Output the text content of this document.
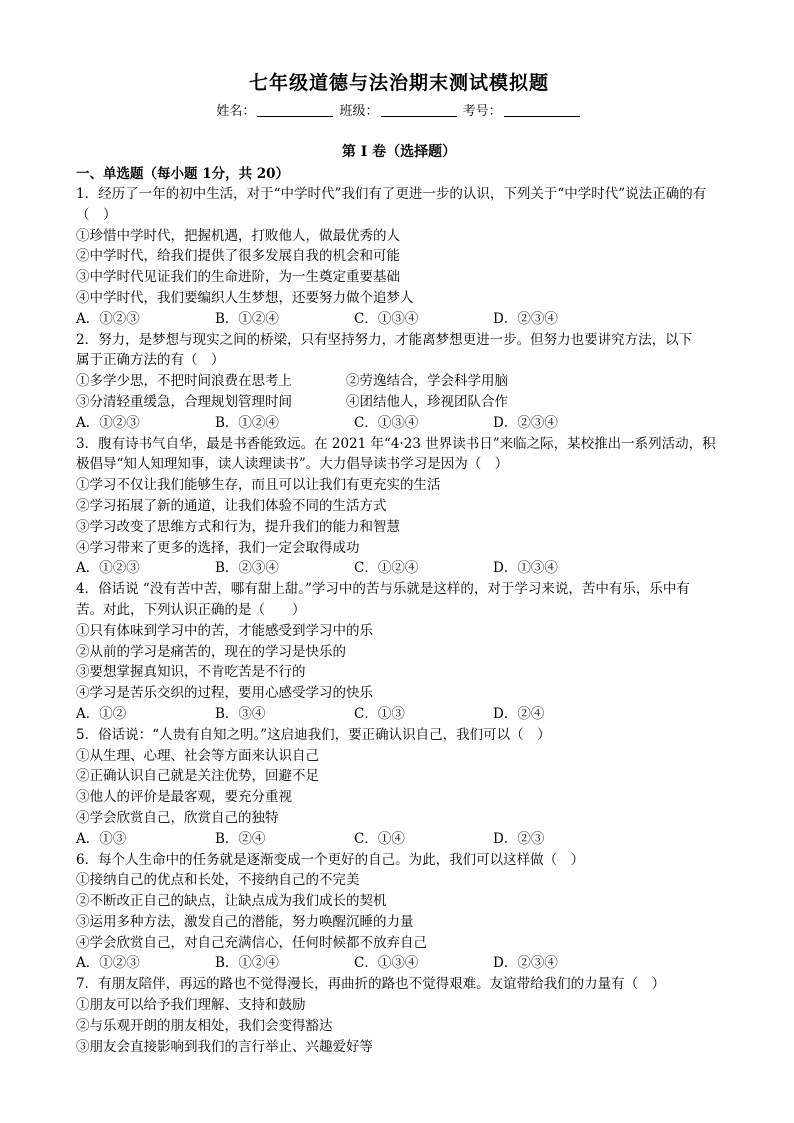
七年级道德与法治期末测试模拟题
姓名：	班级：	考号：
第 I 卷（选择题）
一、单选题（每小题 1分，共 20）
1．经历了一年的初中生活，对于“中学时代”我们有了更进一步的认识，下列关于“中学时代”说法正确的有
（　）
①珍惜中学时代，把握机遇，打败他人，做最优秀的人
②中学时代，给我们提供了很多发展自我的机会和可能
③中学时代见证我们的生命进阶，为一生奠定重要基础
④中学时代，我们要编织人生梦想，还要努力做个追梦人
A．①②③	B．①②④	C．①③④	D．②③④
2．努力，是梦想与现实之间的桥梁，只有坚持努力，才能离梦想更进一步。但努力也要讲究方法，以下
属于正确方法的有（　）
①多学少思，不把时间浪费在思考上	②劳逸结合，学会科学用脑
③分清轻重缓急，合理规划管理时间	④团结他人，珍视团队合作
A．①②③	B．①②④	C．①③④	D．②③④
3．腹有诗书气自华，最是书香能致远。在 2021 年“4·23 世界读书日”来临之际，某校推出一系列活动，积
极倡导“知人知理知事，读人读理读书”。大力倡导读书学习是因为（　）
①学习不仅让我们能够生存，而且可以让我们有更充实的生活
②学习拓展了新的通道，让我们体验不同的生活方式
③学习改变了思维方式和行为，提升我们的能力和智慧
④学习带来了更多的选择，我们一定会取得成功
A．①②③	B．②③④	C．①②④	D．①③④
4．俗话说 “没有苦中苦，哪有甜上甜。”学习中的苦与乐就是这样的，对于学习来说，苦中有乐，乐中有
苦。对此，下列认识正确的是（　　）
①只有体味到学习中的苦，才能感受到学习中的乐
②从前的学习是痛苦的，现在的学习是快乐的
③要想掌握真知识，不肯吃苦是不行的
④学习是苦乐交织的过程，要用心感受学习的快乐
A．①②	B．③④	C．①③	D．②④
5．俗话说：“人贵有自知之明。”这启迪我们，要正确认识自己，我们可以（　）
①从生理、心理、社会等方面来认识自己
②正确认识自己就是关注优势，回避不足
③他人的评价是最客观，要充分重视
④学会欣赏自己，欣赏自己的独特
A．①③	B．②④	C．①④	D．②③
6．每个人生命中的任务就是逐渐变成一个更好的自己。为此，我们可以这样做（　）
①接纳自己的优点和长处，不接纳自己的不完美
②不断改正自己的缺点，让缺点成为我们成长的契机
③运用多种方法，激发自己的潜能，努力唤醒沉睡的力量
④学会欣赏自己，对自己充满信心，任何时候都不放弃自己
A．①②③	B．①②④	C．①③④	D．②③④
7．有朋友陪伴，再远的路也不觉得漫长，再曲折的路也不觉得艰难。友谊带给我们的力量有（　）
①朋友可以给予我们理解、支持和鼓励
②与乐观开朗的朋友相处，我们会变得豁达
③朋友会直接影响到我们的言行举止、兴趣爱好等
